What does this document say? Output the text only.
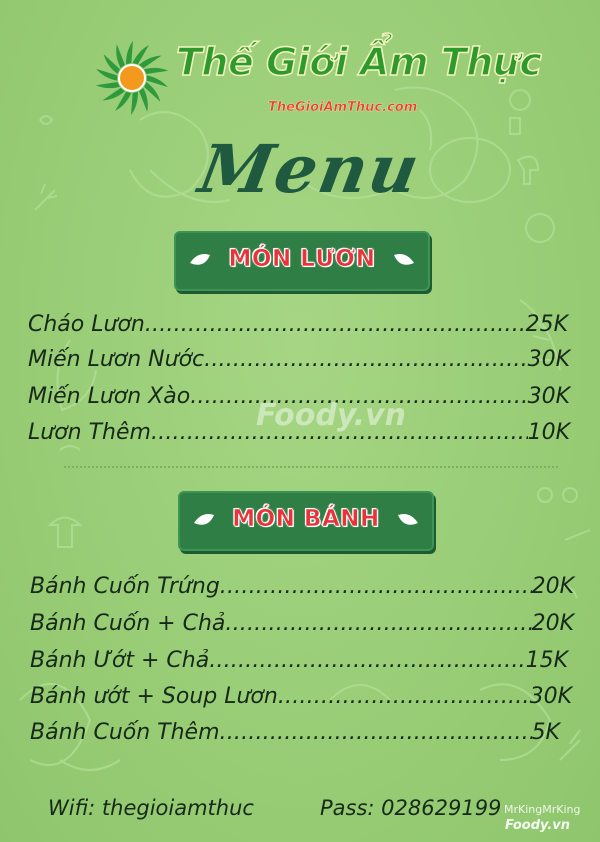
Thế Giới Ẩm Thực
TheGioiAmThuc.com
Menu
MÓN LƯƠN
Cháo Lươn .....	25K
Miến Lươn Nước .....	30K
Miến Lươn Xào .....	30K
Lươn Thêm .....	10K
MÓN BÁNH
Bánh Cuốn Trứng .....	20K
Bánh Cuốn + Chả .....	20K
Bánh Ướt + Chả .....	15K
Bánh ướt + Soup Lươn .....	30K
Bánh Cuốn Thêm .....	5K
Wifi: thegioiamthuc	Pass: 028629199
Foody.vn
MrKingMrKing
Foody.vn
